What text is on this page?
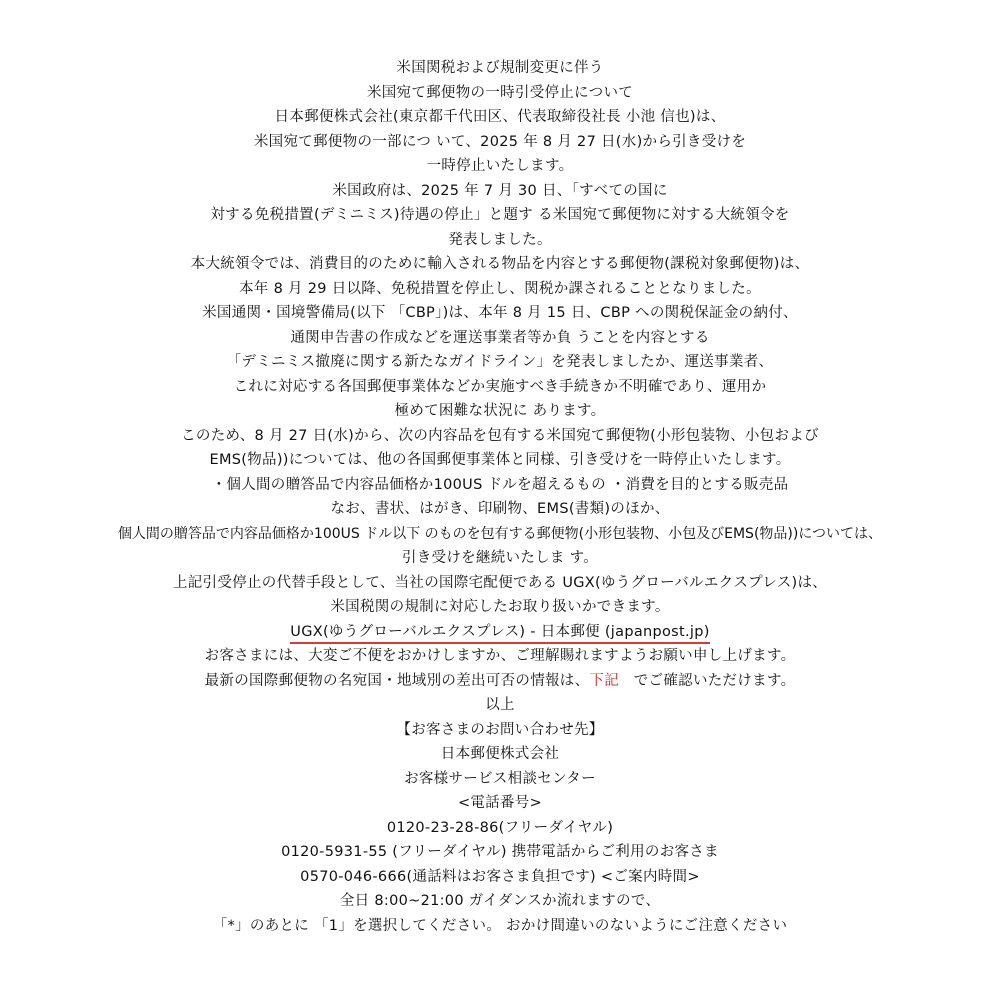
米国関税および規制変更に伴う
米国宛て郵便物の一時引受停止について
日本郵便株式会社(東京都千代田区、代表取締役社長 小池 信也)は、
米国宛て郵便物の一部につ いて、2025 年 8 月 27 日(水)から引き受けを
一時停止いたします。
米国政府は、2025 年 7 月 30 日、「すべての国に
対する免税措置(デミニミス)待遇の停止」と題す る米国宛て郵便物に対する大統領令を
発表しました。
本大統領令では、消費目的のために輸入される物品を内容とする郵便物(課税対象郵便物)は、
本年 8 月 29 日以降、免税措置を停止し、関税か課されることとなりました。
米国通関・国境警備局(以下 「CBP」)は、本年 8 月 15 日、CBP への関税保証金の納付、
通関申告書の作成などを運送事業者等か負 うことを内容とする
「デミニミス撤廃に関する新たなガイドライン」を発表しましたか、運送事業者、
これに対応する各国郵便事業体などか実施すべき手続きか不明確であり、運用か
極めて困難な状況に あります。
このため、8 月 27 日(水)から、次の内容品を包有する米国宛て郵便物(小形包装物、小包および
EMS(物品))については、他の各国郵便事業体と同様、引き受けを一時停止いたします。
・個人間の贈答品で内容品価格か100US ドルを超えるもの ・消費を目的とする販売品
なお、書状、はがき、印刷物、EMS(書類)のほか、
個人間の贈答品で内容品価格か100US ドル以下 のものを包有する郵便物(小形包装物、小包及びEMS(物品))については、
引き受けを継続いたしま す。
上記引受停止の代替手段として、当社の国際宅配便である UGX(ゆうグローバルエクスプレス)は、
米国税関の規制に対応したお取り扱いかできます。
UGX(ゆうグローバルエクスプレス) - 日本郵便 (japanpost.jp)
お客さまには、大変ご不便をおかけしますか、ご理解賜れますようお願い申し上げます。
最新の国際郵便物の名宛国・地域別の差出可否の情報は、下記 でご確認いただけます。
以上
【お客さまのお問い合わせ先】
日本郵便株式会社
お客様サービス相談センター
<電話番号>
0120-23-28-86(フリーダイヤル)
0120-5931-55 (フリーダイヤル) 携帯電話からご利用のお客さま
0570-046-666(通話料はお客さま負担です) <ご案内時間>
全日 8:00~21:00 ガイダンスか流れますので、
「*」のあとに 「1」を選択してください。 おかけ間違いのないようにご注意ください
